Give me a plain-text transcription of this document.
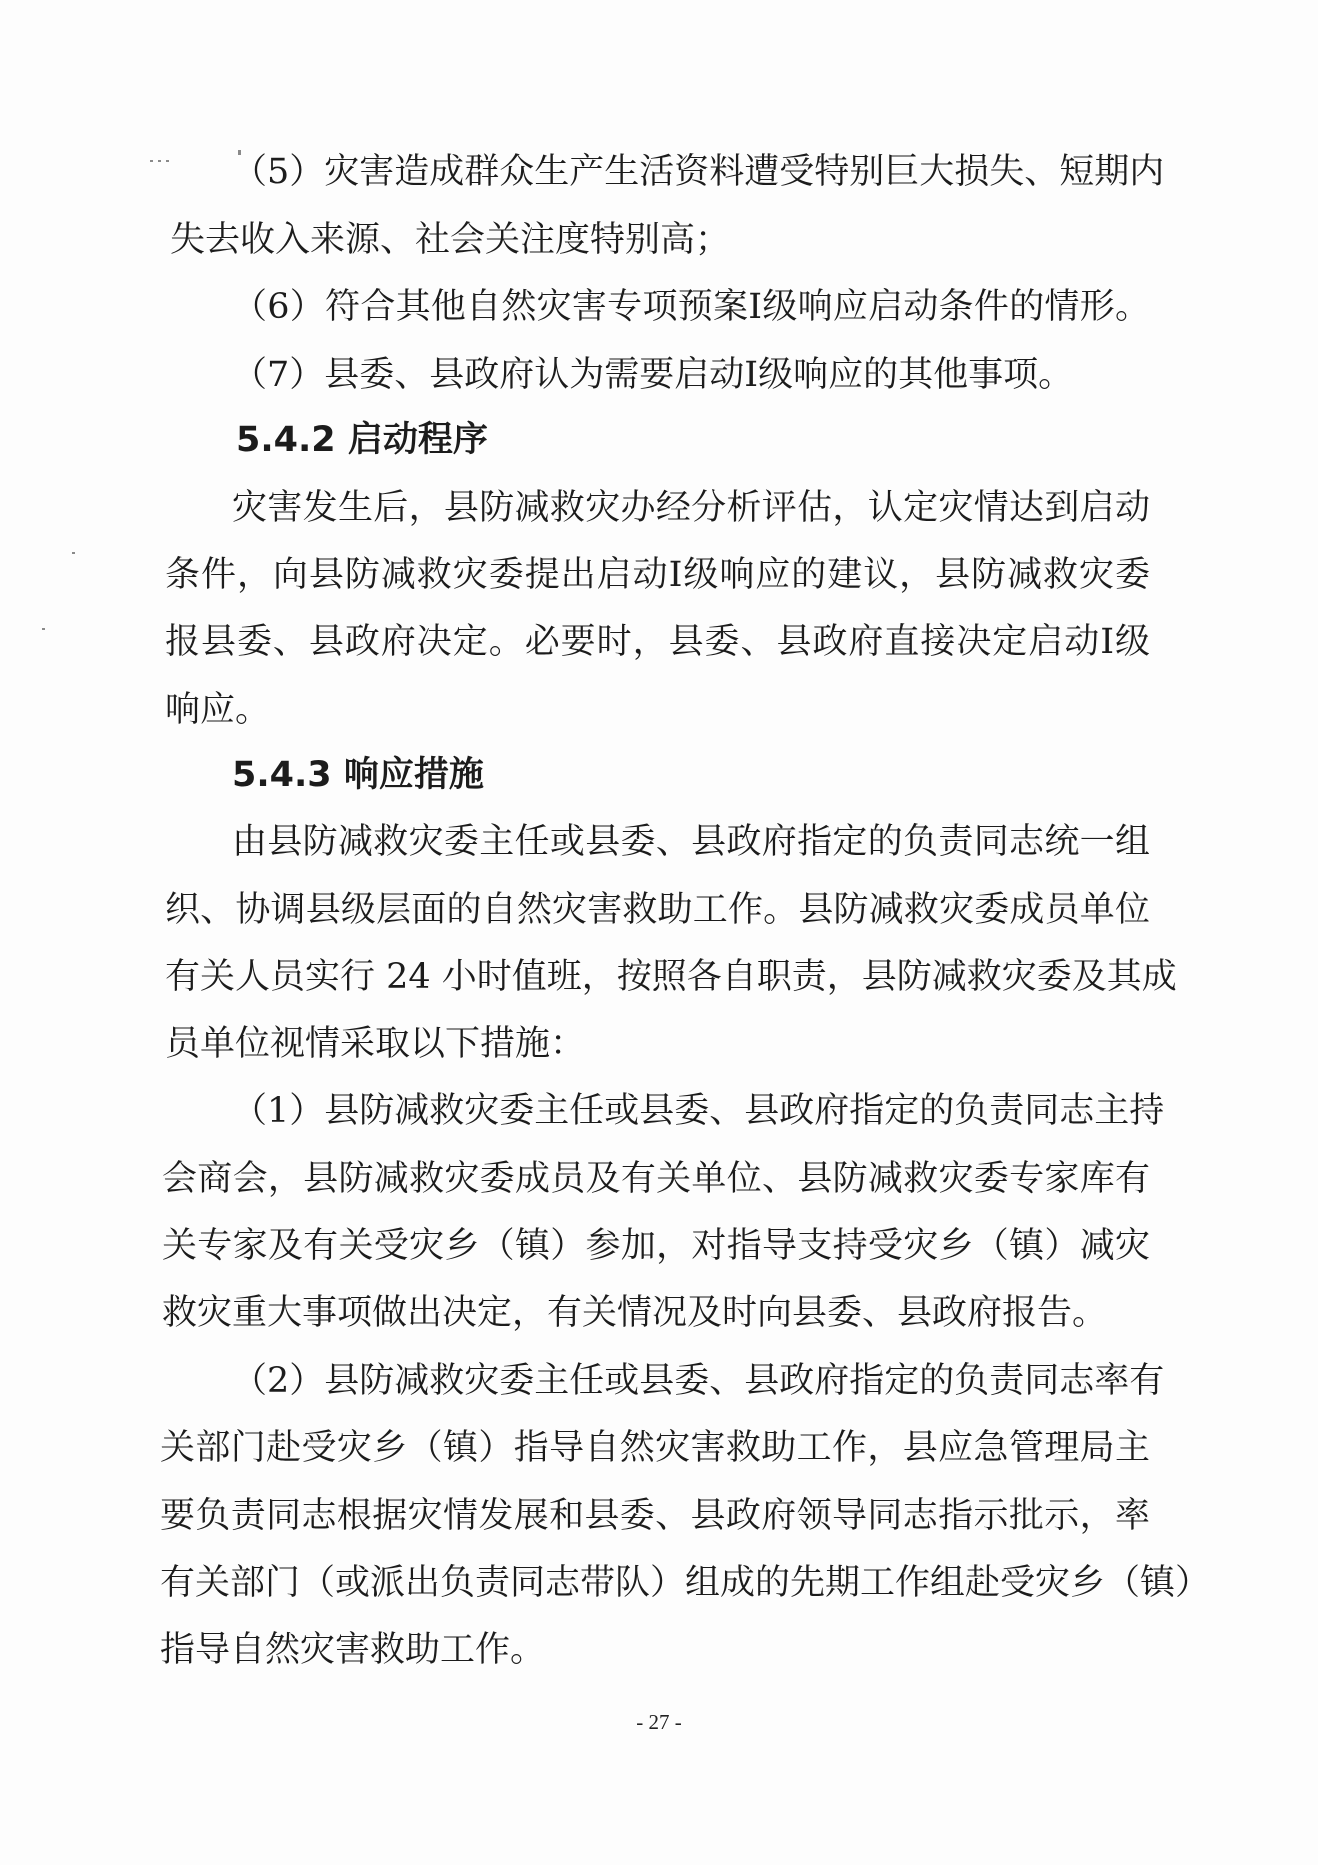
（5）灾害造成群众生产生活资料遭受特别巨大损失、短期内
失去收入来源、社会关注度特别高；
（6）符合其他自然灾害专项预案Ⅰ级响应启动条件的情形。
（7）县委、县政府认为需要启动Ⅰ级响应的其他事项。
5.4.2 启动程序
灾害发生后，县防减救灾办经分析评估，认定灾情达到启动
条件，向县防减救灾委提出启动Ⅰ级响应的建议，县防减救灾委
报县委、县政府决定。必要时，县委、县政府直接决定启动Ⅰ级
响应。
5.4.3 响应措施
由县防减救灾委主任或县委、县政府指定的负责同志统一组
织、协调县级层面的自然灾害救助工作。县防减救灾委成员单位
有关人员实行 24 小时值班，按照各自职责，县防减救灾委及其成
员单位视情采取以下措施：
（1）县防减救灾委主任或县委、县政府指定的负责同志主持
会商会，县防减救灾委成员及有关单位、县防减救灾委专家库有
关专家及有关受灾乡（镇）参加，对指导支持受灾乡（镇）减灾
救灾重大事项做出决定，有关情况及时向县委、县政府报告。
（2）县防减救灾委主任或县委、县政府指定的负责同志率有
关部门赴受灾乡（镇）指导自然灾害救助工作，县应急管理局主
要负责同志根据灾情发展和县委、县政府领导同志指示批示，率
有关部门（或派出负责同志带队）组成的先期工作组赴受灾乡（镇）
指导自然灾害救助工作。
- 27 -
